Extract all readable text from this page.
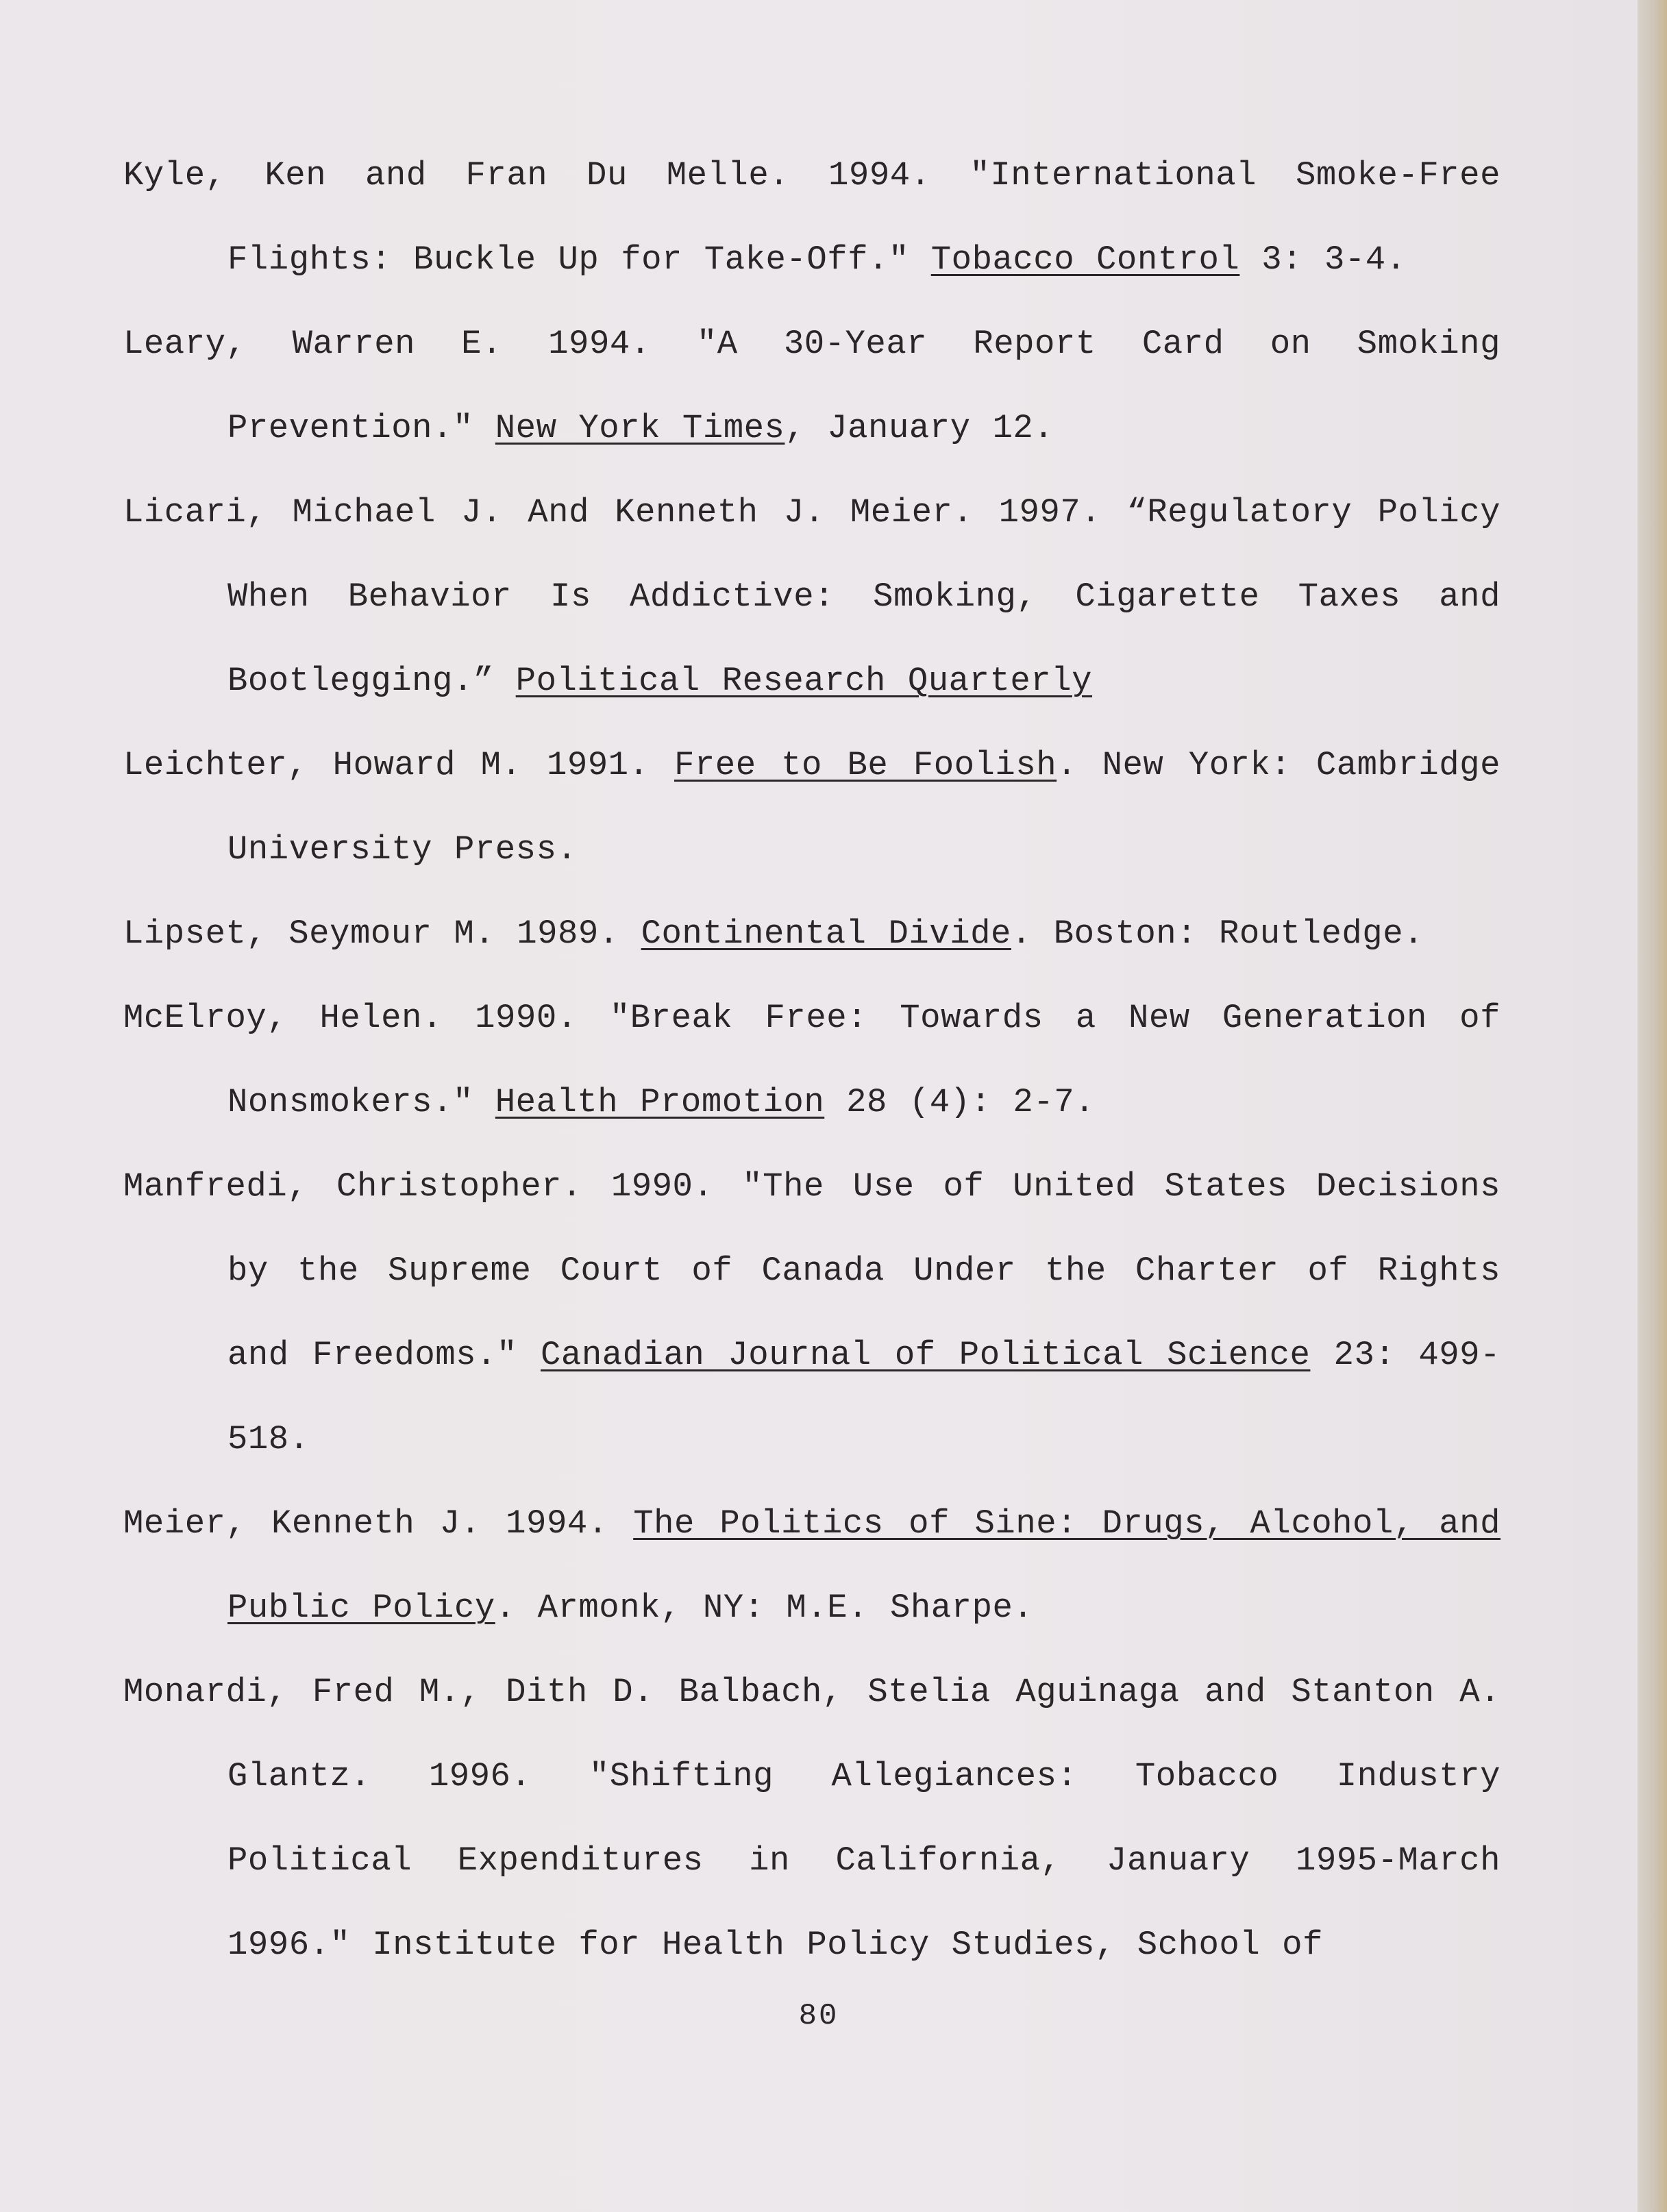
Kyle, Ken and Fran Du Melle. 1994. "International Smoke-Free Flights: Buckle Up for Take-Off." Tobacco Control 3: 3-4.
Leary, Warren E. 1994. "A 30-Year Report Card on Smoking Prevention." New York Times, January 12.
Licari, Michael J. And Kenneth J. Meier. 1997. “Regulatory Policy When Behavior Is Addictive: Smoking, Cigarette Taxes and Bootlegging.” Political Research Quarterly
Leichter, Howard M. 1991. Free to Be Foolish. New York: Cambridge University Press.
Lipset, Seymour M. 1989. Continental Divide. Boston: Routledge.
McElroy, Helen. 1990. "Break Free: Towards a New Generation of Nonsmokers." Health Promotion 28 (4): 2-7.
Manfredi, Christopher. 1990. "The Use of United States Decisions by the Supreme Court of Canada Under the Charter of Rights and Freedoms." Canadian Journal of Political Science 23: 499-518.
Meier, Kenneth J. 1994. The Politics of Sine: Drugs, Alcohol, and Public Policy. Armonk, NY: M.E. Sharpe.
Monardi, Fred M., Dith D. Balbach, Stelia Aguinaga and Stanton A. Glantz. 1996. "Shifting Allegiances: Tobacco Industry Political Expenditures in California, January 1995-March 1996." Institute for Health Policy Studies, School of
80
